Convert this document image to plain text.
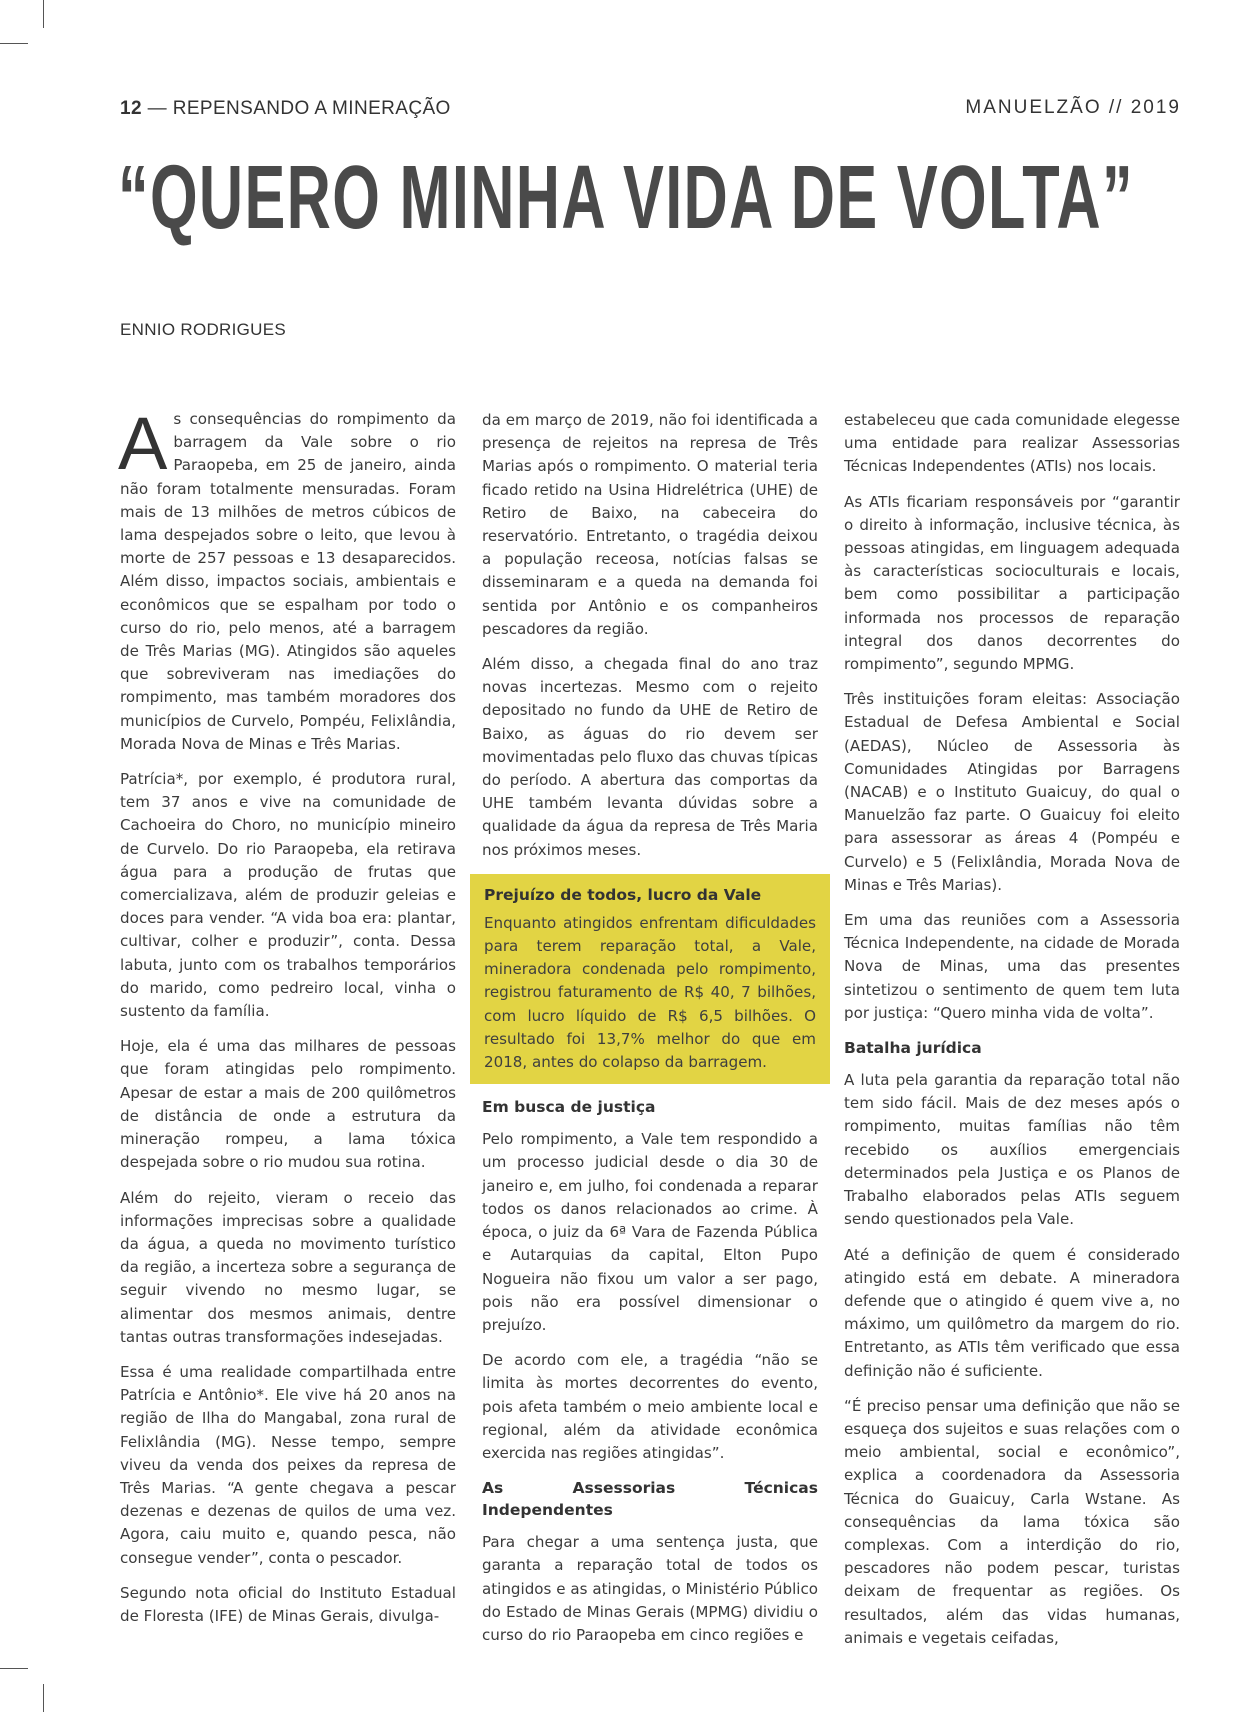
12 — REPENSANDO A MINERAÇÃO	MANUELZÃO // 2019
“QUERO MINHA VIDA DE VOLTA”
ENNIO RODRIGUES

As consequências do rompimento da barragem da Vale sobre o rio Paraopeba, em 25 de janeiro, ainda não foram totalmente mensuradas. Foram mais de 13 milhões de metros cúbicos de lama despejados sobre o leito, que levou à morte de 257 pessoas e 13 desaparecidos. Além disso, impactos sociais, ambientais e econômicos que se espalham por todo o curso do rio, pelo menos, até a barragem de Três Marias (MG). Atingidos são aqueles que sobreviveram nas imediações do rompimento, mas também moradores dos municípios de Curvelo, Pompéu, Felixlândia, Morada Nova de Minas e Três Marias.

Patrícia*, por exemplo, é produtora rural, tem 37 anos e vive na comunidade de Cachoeira do Choro, no município mineiro de Curvelo. Do rio Paraopeba, ela retirava água para a produção de frutas que comercializava, além de produzir geleias e doces para vender. “A vida boa era: plantar, cultivar, colher e produzir”, conta. Dessa labuta, junto com os trabalhos temporários do marido, como pedreiro local, vinha o sustento da família.

Hoje, ela é uma das milhares de pessoas que foram atingidas pelo rompimento. Apesar de estar a mais de 200 quilômetros de distância de onde a estrutura da mineração rompeu, a lama tóxica despejada sobre o rio mudou sua rotina.

Além do rejeito, vieram o receio das informações imprecisas sobre a qualidade da água, a queda no movimento turístico da região, a incerteza sobre a segurança de seguir vivendo no mesmo lugar, se alimentar dos mesmos animais, dentre tantas outras transformações indesejadas.

Essa é uma realidade compartilhada entre Patrícia e Antônio*. Ele vive há 20 anos na região de Ilha do Mangabal, zona rural de Felixlândia (MG). Nesse tempo, sempre viveu da venda dos peixes da represa de Três Marias. “A gente chegava a pescar dezenas e dezenas de quilos de uma vez. Agora, caiu muito e, quando pesca, não consegue vender”, conta o pescador.

Segundo nota oficial do Instituto Estadual de Floresta (IFE) de Minas Gerais, divulga-

da em março de 2019, não foi identificada a presença de rejeitos na represa de Três Marias após o rompimento. O material teria ficado retido na Usina Hidrelétrica (UHE) de Retiro de Baixo, na cabeceira do reservatório. Entretanto, o tragédia deixou a população receosa, notícias falsas se disseminaram e a queda na demanda foi sentida por Antônio e os companheiros pescadores da região.

Além disso, a chegada final do ano traz novas incertezas. Mesmo com o rejeito depositado no fundo da UHE de Retiro de Baixo, as águas do rio devem ser movimentadas pelo fluxo das chuvas típicas do período. A abertura das comportas da UHE também levanta dúvidas sobre a qualidade da água da represa de Três Maria nos próximos meses.

Prejuízo de todos, lucro da Vale

Enquanto atingidos enfrentam dificuldades para terem reparação total, a Vale, mineradora condenada pelo rompimento, registrou faturamento de R$ 40, 7 bilhões, com lucro líquido de R$ 6,5 bilhões. O resultado foi 13,7% melhor do que em 2018, antes do colapso da barragem.

Em busca de justiça

Pelo rompimento, a Vale tem respondido a um processo judicial desde o dia 30 de janeiro e, em julho, foi condenada a reparar todos os danos relacionados ao crime. À época, o juiz da 6ª Vara de Fazenda Pública e Autarquias da capital, Elton Pupo Nogueira não fixou um valor a ser pago, pois não era possível dimensionar o prejuízo.

De acordo com ele, a tragédia “não se limita às mortes decorrentes do evento, pois afeta também o meio ambiente local e regional, além da atividade econômica exercida nas regiões atingidas”.

As Assessorias Técnicas Independentes

Para chegar a uma sentença justa, que garanta a reparação total de todos os atingidos e as atingidas, o Ministério Público do Estado de Minas Gerais (MPMG) dividiu o curso do rio Paraopeba em cinco regiões e

estabeleceu que cada comunidade elegesse uma entidade para realizar Assessorias Técnicas Independentes (ATIs) nos locais.

As ATIs ficariam responsáveis por “garantir o direito à informação, inclusive técnica, às pessoas atingidas, em linguagem adequada às características socioculturais e locais, bem como possibilitar a participação informada nos processos de reparação integral dos danos decorrentes do rompimento”, segundo MPMG.

Três instituições foram eleitas: Associação Estadual de Defesa Ambiental e Social (AEDAS), Núcleo de Assessoria às Comunidades Atingidas por Barragens (NACAB) e o Instituto Guaicuy, do qual o Manuelzão faz parte. O Guaicuy foi eleito para assessorar as áreas 4 (Pompéu e Curvelo) e 5 (Felixlândia, Morada Nova de Minas e Três Marias).

Em uma das reuniões com a Assessoria Técnica Independente, na cidade de Morada Nova de Minas, uma das presentes sintetizou o sentimento de quem tem luta por justiça: “Quero minha vida de volta”.

Batalha jurídica

A luta pela garantia da reparação total não tem sido fácil. Mais de dez meses após o rompimento, muitas famílias não têm recebido os auxílios emergenciais determinados pela Justiça e os Planos de Trabalho elaborados pelas ATIs seguem sendo questionados pela Vale.

Até a definição de quem é considerado atingido está em debate. A mineradora defende que o atingido é quem vive a, no máximo, um quilômetro da margem do rio. Entretanto, as ATIs têm verificado que essa definição não é suficiente.

“É preciso pensar uma definição que não se esqueça dos sujeitos e suas relações com o meio ambiental, social e econômico”, explica a coordenadora da Assessoria Técnica do Guaicuy, Carla Wstane. As consequências da lama tóxica são complexas. Com a interdição do rio, pescadores não podem pescar, turistas deixam de frequentar as regiões. Os resultados, além das vidas humanas, animais e vegetais ceifadas,
